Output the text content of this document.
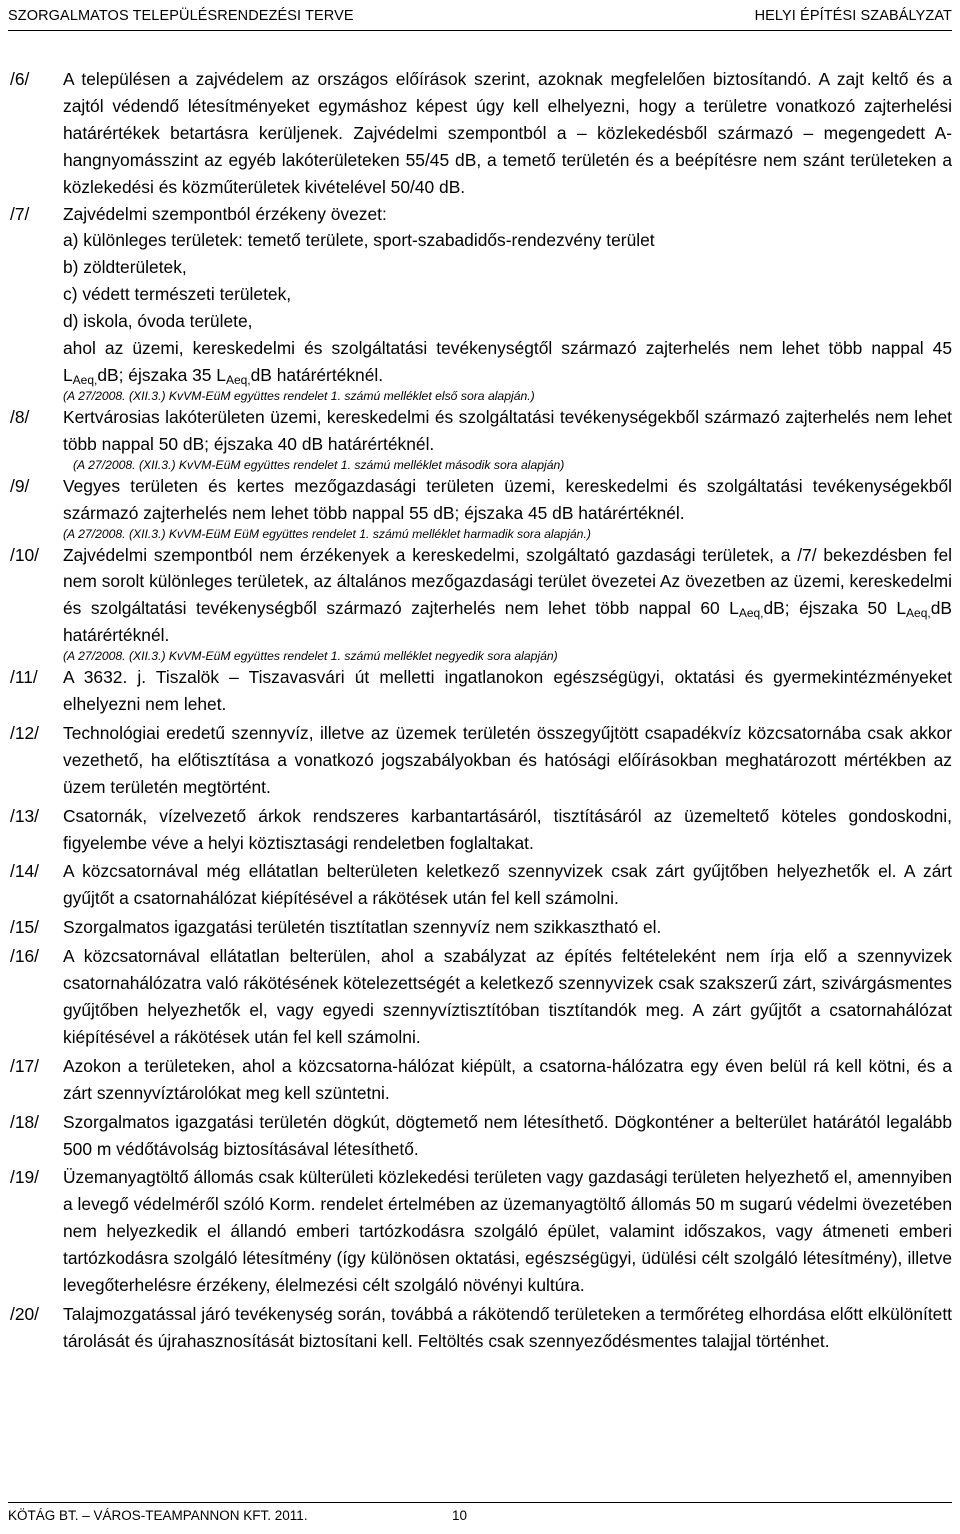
SZORGALMATOS TELEPÜLÉSRENDEZÉSI TERVE	HELYI ÉPÍTÉSI SZABÁLYZAT
/6/	A településen a zajvédelem az országos előírások szerint, azoknak megfelelően biztosítandó. A zajt keltő és a zajtól védendő létesítményeket egymáshoz képest úgy kell elhelyezni, hogy a területre vonatkozó zajterhelési határértékek betartásra kerüljenek. Zajvédelmi szempontból a – közlekedésből származó – megengedett A-hangnyomásszint az egyéb lakóterületeken 55/45 dB, a temető területén és a beépítésre nem szánt területeken a közlekedési és közműterületek kivételével 50/40 dB.

/7/	Zajvédelmi szempontból érzékeny övezet:

a) különleges területek: temető területe, sport-szabadidős-rendezvény terület

b) zöldterületek,

c) védett természeti területek,

d) iskola, óvoda területe,

ahol az üzemi, kereskedelmi és szolgáltatási tevékenységtől származó zajterhelés nem lehet több nappal 45 $L_{Aeq,}dB$; éjszaka 35 $L_{Aeq,}dB$ határértéknél.

(A 27/2008. (XII.3.) KvVM-EüM együttes rendelet 1. számú melléklet első sora alapján.)

/8/	Kertvárosias lakóterületen üzemi, kereskedelmi és szolgáltatási tevékenységekből származó zajterhelés nem lehet több nappal 50 dB; éjszaka 40 dB határértéknél.

(A 27/2008. (XII.3.) KvVM-EüM együttes rendelet 1. számú melléklet második sora alapján)

/9/	Vegyes területen és kertes mezőgazdasági területen üzemi, kereskedelmi és szolgáltatási tevékenységekből származó zajterhelés nem lehet több nappal 55 dB; éjszaka 45 dB határértéknél.

(A 27/2008. (XII.3.) KvVM-EüM EüM együttes rendelet 1. számú melléklet harmadik sora alapján.)

/10/	Zajvédelmi szempontból nem érzékenyek a kereskedelmi, szolgáltató gazdasági területek, a /7/ bekezdésben fel nem sorolt különleges területek, az általános mezőgazdasági terület övezetei Az övezetben az üzemi, kereskedelmi és szolgáltatási tevékenységből származó zajterhelés nem lehet több nappal 60 $L_{Aeq,}dB$; éjszaka 50 $L_{Aeq,}dB$ határértéknél.

(A 27/2008. (XII.3.) KvVM-EüM együttes rendelet 1. számú melléklet negyedik sora alapján)

/11/	A 3632. j. Tiszalök – Tiszavasvári út melletti ingatlanokon egészségügyi, oktatási és gyermekintézményeket elhelyezni nem lehet.

/12/	Technológiai eredetű szennyvíz, illetve az üzemek területén összegyűjtött csapadékvíz közcsatornába csak akkor vezethető, ha előtisztítása a vonatkozó jogszabályokban és hatósági előírásokban meghatározott mértékben az üzem területén megtörtént.

/13/	Csatornák, vízelvezető árkok rendszeres karbantartásáról, tisztításáról az üzemeltető köteles gondoskodni, figyelembe véve a helyi köztisztasági rendeletben foglaltakat.

/14/	A közcsatornával még ellátatlan belterületen keletkező szennyvizek csak zárt gyűjtőben helyezhetők el. A zárt gyűjtőt a csatornahálózat kiépítésével a rákötések után fel kell számolni.

/15/	Szorgalmatos igazgatási területén tisztítatlan szennyvíz nem szikkasztható el.

/16/	A közcsatornával ellátatlan belterülen, ahol a szabályzat az építés feltételeként nem írja elő a szennyvizek csatornahálózatra való rákötésének kötelezettségét a keletkező szennyvizek csak szakszerű zárt, szivárgásmentes gyűjtőben helyezhetők el, vagy egyedi szennyvíztisztítóban tisztítandók meg. A zárt gyűjtőt a csatornahálózat kiépítésével a rákötések után fel kell számolni.

/17/	Azokon a területeken, ahol a közcsatorna-hálózat kiépült, a csatorna-hálózatra egy éven belül rá kell kötni, és a zárt szennyvíztárolókat meg kell szüntetni.

/18/	Szorgalmatos igazgatási területén dögkút, dögtemető nem létesíthető. Dögkonténer a belterület határától legalább 500 m védőtávolság biztosításával létesíthető.

/19/	Üzemanyagtöltő állomás csak külterületi közlekedési területen vagy gazdasági területen helyezhető el, amennyiben a levegő védelméről szóló Korm. rendelet értelmében az üzemanyagtöltő állomás 50 m sugarú védelmi övezetében nem helyezkedik el állandó emberi tartózkodásra szolgáló épület, valamint időszakos, vagy átmeneti emberi tartózkodásra szolgáló létesítmény (így különösen oktatási, egészségügyi, üdülési célt szolgáló létesítmény), illetve levegőterhelésre érzékeny, élelmezési célt szolgáló növényi kultúra.

/20/	Talajmozgatással járó tevékenység során, továbbá a rákötendő területeken a termőréteg elhordása előtt elkülönített tárolását és újrahasznosítását biztosítani kell. Feltöltés csak szennyeződésmentes talajjal történhet.

KÖTÁG BT. – VÁROS-TEAMPANNON KFT. 2011.	10
